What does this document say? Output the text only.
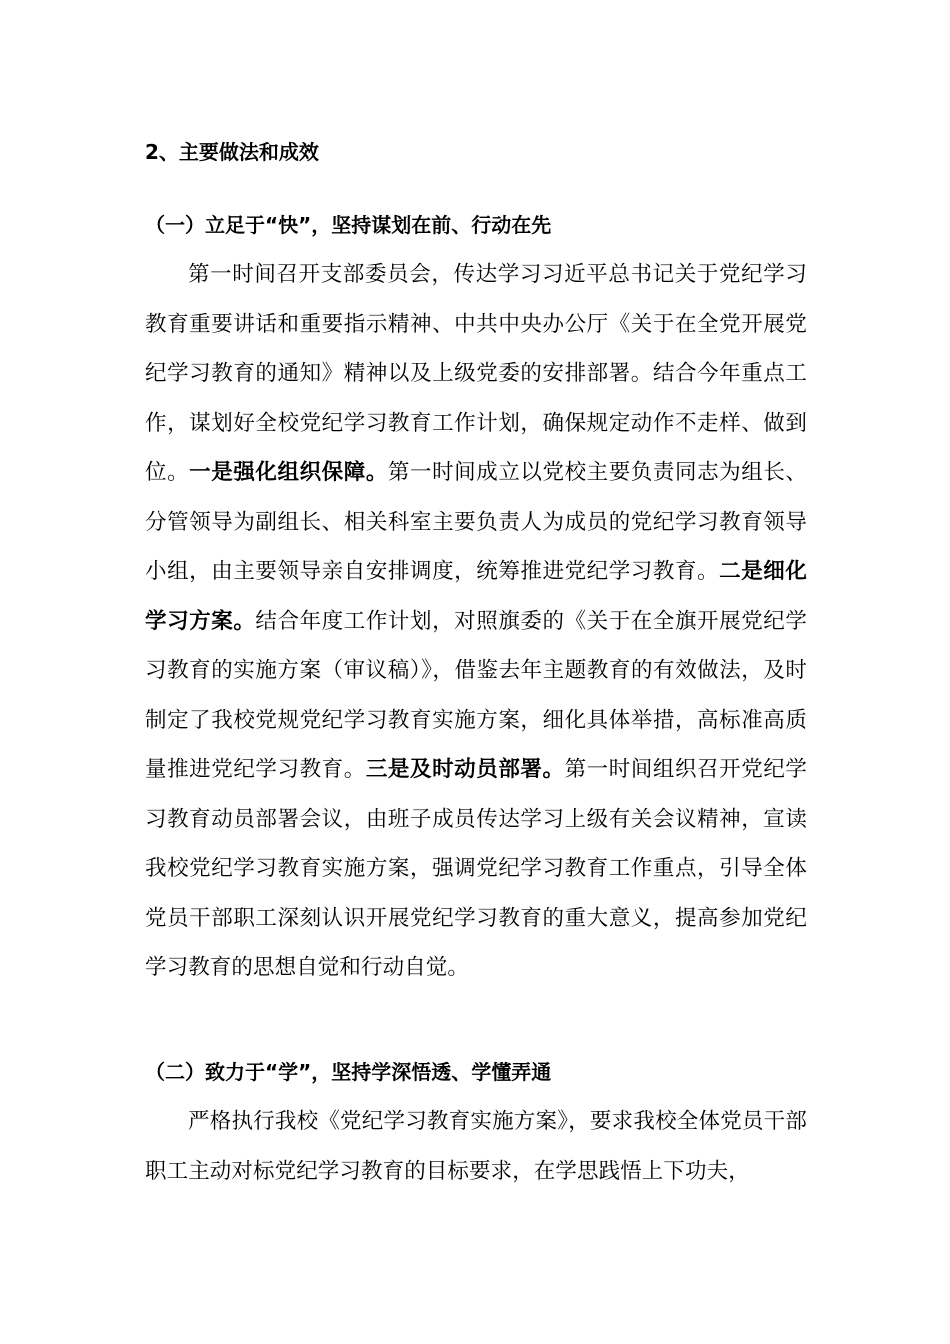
2、主要做法和成效
（一）立足于“快”，坚持谋划在前、行动在先

第一时间召开支部委员会，传达学习习近平总书记关于党纪学习教育重要讲话和重要指示精神、中共中央办公厅《关于在全党开展党纪学习教育的通知》精神以及上级党委的安排部署。结合今年重点工作，谋划好全校党纪学习教育工作计划，确保规定动作不走样、做到位。一是强化组织保障。第一时间成立以党校主要负责同志为组长、分管领导为副组长、相关科室主要负责人为成员的党纪学习教育领导小组，由主要领导亲自安排调度，统筹推进党纪学习教育。二是细化学习方案。结合年度工作计划，对照旗委的《关于在全旗开展党纪学习教育的实施方案（审议稿）》，借鉴去年主题教育的有效做法，及时制定了我校党规党纪学习教育实施方案，细化具体举措，高标准高质量推进党纪学习教育。三是及时动员部署。第一时间组织召开党纪学习教育动员部署会议，由班子成员传达学习上级有关会议精神，宣读我校党纪学习教育实施方案，强调党纪学习教育工作重点，引导全体党员干部职工深刻认识开展党纪学习教育的重大意义，提高参加党纪学习教育的思想自觉和行动自觉。

（二）致力于“学”，坚持学深悟透、学懂弄通

严格执行我校《党纪学习教育实施方案》，要求我校全体党员干部职工主动对标党纪学习教育的目标要求，在学思践悟上下功夫，
